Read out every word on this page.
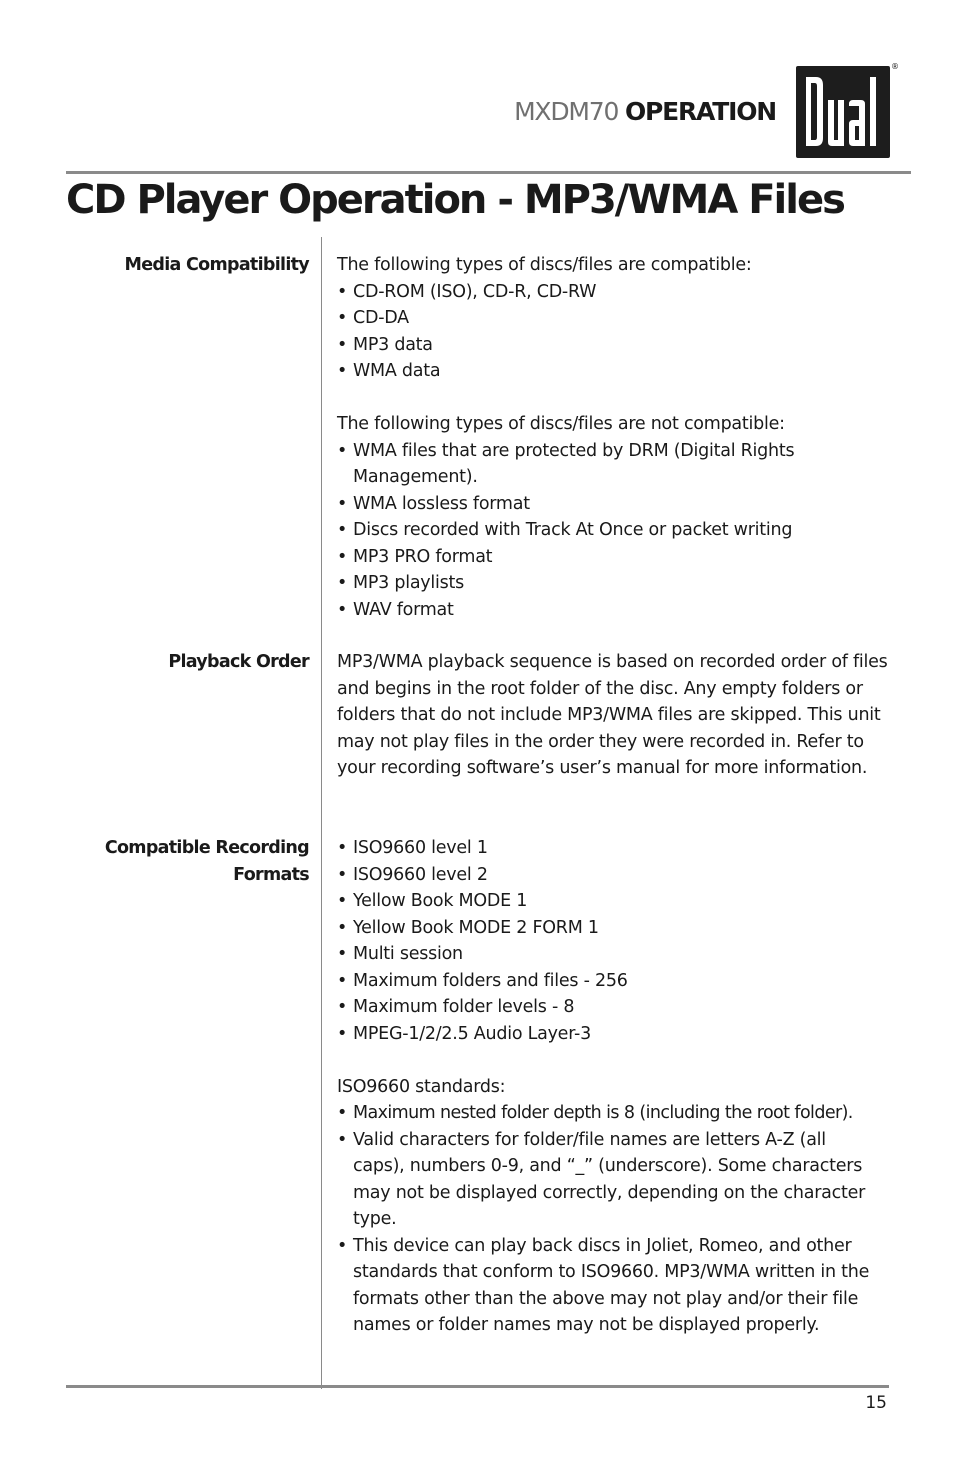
MXDM70 OPERATION
®
CD Player Operation - MP3/WMA Files
Media Compatibility
Playback Order
Compatible Recording
Formats

The following types of discs/files are compatible:

• CD-ROM (ISO), CD-R, CD-RW
• CD-DA
• MP3 data
• WMA data

The following types of discs/files are not compatible:

• WMA files that are protected by DRM (Digital Rights Management).
• WMA lossless format
• Discs recorded with Track At Once or packet writing
• MP3 PRO format
• MP3 playlists
• WAV format

MP3/WMA playback sequence is based on recorded order of files and begins in the root folder of the disc. Any empty folders or folders that do not include MP3/WMA files are skipped. This unit may not play files in the order they were recorded in. Refer to your recording software’s user’s manual for more information.

• ISO9660 level 1
• ISO9660 level 2
• Yellow Book MODE 1
• Yellow Book MODE 2 FORM 1
• Multi session
• Maximum folders and files - 256
• Maximum folder levels - 8
• MPEG-1/2/2.5 Audio Layer-3

ISO9660 standards:

• Maximum nested folder depth is 8 (including the root folder).
• Valid characters for folder/file names are letters A-Z (all caps), numbers 0-9, and “_” (underscore). Some characters may not be displayed correctly, depending on the character type.
• This device can play back discs in Joliet, Romeo, and other standards that conform to ISO9660. MP3/WMA written in the formats other than the above may not play and/or their file names or folder names may not be displayed properly.
15
